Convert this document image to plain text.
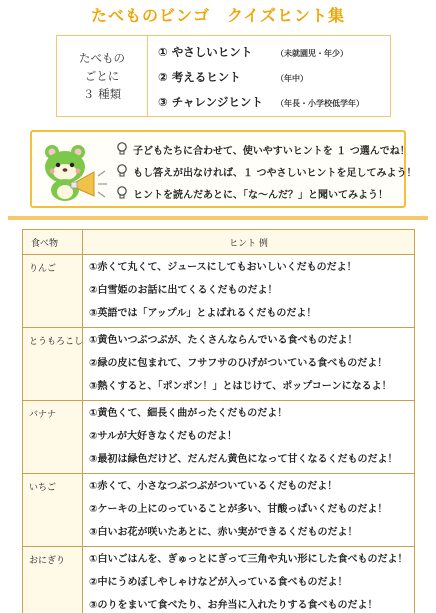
たべものビンゴ　クイズヒント集
たべもの
ごとに
３ 種類
① やさしいヒント	（未就園児・年少）
② 考えるヒント	（年中）
③ チャレンジヒント	（年長・小学校低学年）
子どもたちに合わせて、使いやすいヒントを １ つ選んでね！
もし答えが出なければ、１ つやさしいヒントを足してみよう！
ヒントを読んだあとに、「な～んだ？」と聞いてみよう！
食べ物	ヒント 例
りんご	①赤くて丸くて、ジュースにしてもおいしいくだものだよ！
②白雪姫のお話に出てくるくだものだよ！
③英語では「アップル」とよばれるくだものだよ！
とうもろこし ①黄色いつぶつぶが、たくさんならんでいる食べものだよ！
②緑の皮に包まれて、フサフサのひげがついている食べものだよ！
③熱くすると、「ポンポン！」とはじけて、ポップコーンになるよ！
バナナ	①黄色くて、細長く曲がったくだものだよ！
②サルが大好きなくだものだよ！
③最初は緑色だけど、だんだん黄色になって甘くなるくだものだよ！
いちご	①赤くて、小さなつぶつぶがついているくだものだよ！
②ケーキの上にのっていることが多い、甘酸っぱいくだものだよ！
③白いお花が咲いたあとに、赤い実ができるくだものだよ！
おにぎり	①白いごはんを、ぎゅっとにぎって三角や丸い形にした食べものだよ！
②中にうめぼしやしゃけなどが入っている食べものだよ！
③のりをまいて食べたり、お弁当に入れたりする食べものだよ！
